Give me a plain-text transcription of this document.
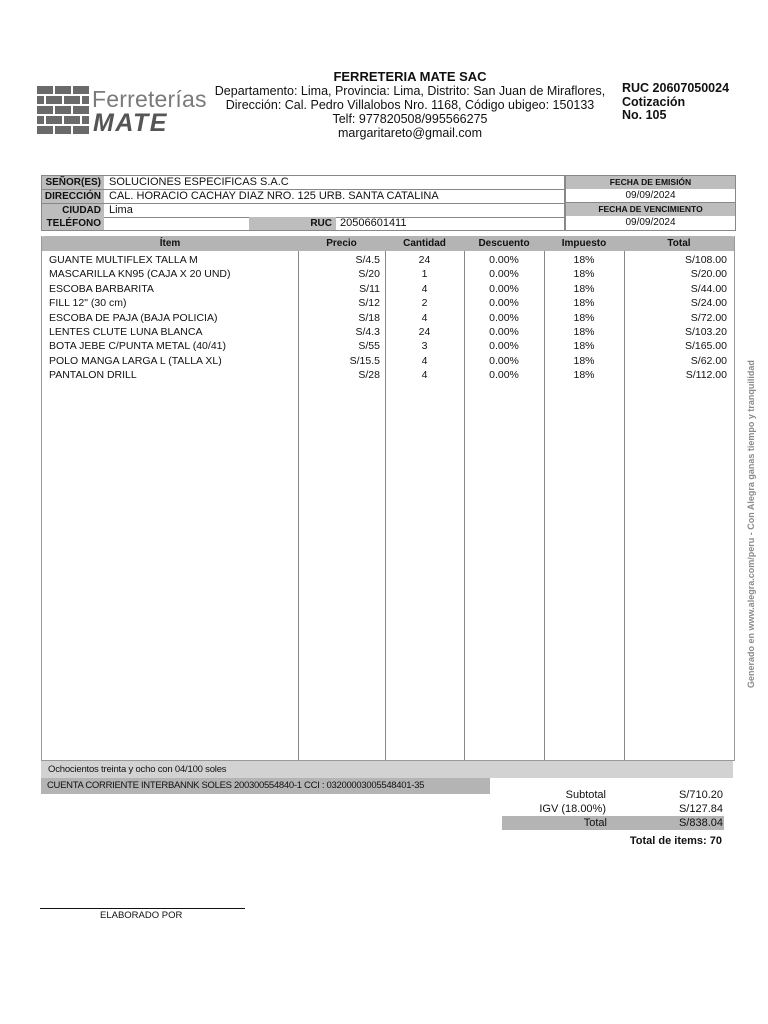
Ferreterías
MATE
FERRETERIA MATE SAC
Departamento: Lima, Provincia: Lima, Distrito: San Juan de Miraflores,
Dirección: Cal. Pedro Villalobos Nro. 1168, Código ubigeo: 150133
Telf: 977820508/995566275
margaritareto@gmail.com
RUC 20607050024
Cotización
No. 105
SEÑOR(ES) SOLUCIONES ESPECIFICAS S.A.C
DIRECCIÓN CAL. HORACIO CACHAY DIAZ NRO. 125 URB. SANTA CATALINA
CIUDAD Lima
TELÉFONO	RUC 20506601411
FECHA DE EMISIÓN
09/09/2024
FECHA DE VENCIMIENTO
09/09/2024
Ítem	Precio	Cantidad	Descuento	Impuesto	Total
GUANTE MULTIFLEX TALLA M	S/4.5	24	0.00%	18%	S/108.00
MASCARILLA KN95 (CAJA X 20 UND)	S/20	1	0.00%	18%	S/20.00
ESCOBA BARBARITA	S/11	4	0.00%	18%	S/44.00
FILL 12" (30 cm)	S/12	2	0.00%	18%	S/24.00
ESCOBA DE PAJA (BAJA POLICIA)	S/18	4	0.00%	18%	S/72.00
LENTES CLUTE LUNA BLANCA	S/4.3	24	0.00%	18%	S/103.20
BOTA JEBE C/PUNTA METAL (40/41)	S/55	3	0.00%	18%	S/165.00
POLO MANGA LARGA L (TALLA XL)	S/15.5	4	0.00%	18%	S/62.00
PANTALON DRILL	S/28	4	0.00%	18%	S/112.00
Ochocientos treinta y ocho con 04/100 soles
CUENTA CORRIENTE INTERBANNK SOLES 200300554840-1 CCI : 03200003005548401-35
Subtotal	S/710.20
IGV (18.00%)	S/127.84
Total	S/838.04
Total de items: 70
ELABORADO POR
Generado en www.alegra.com/peru - Con Alegra ganas tiempo y tranquilidad
